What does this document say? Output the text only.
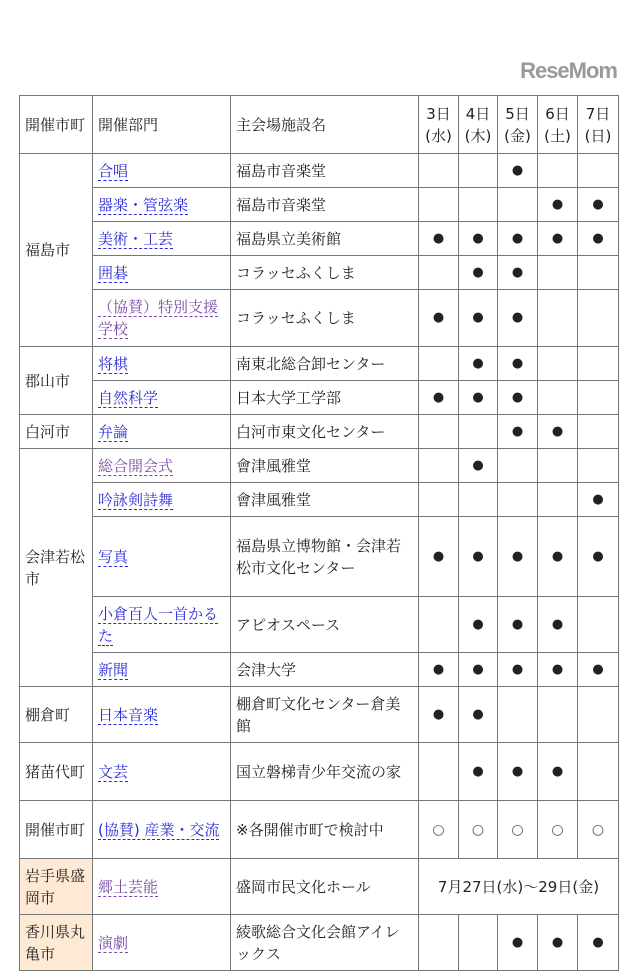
開催市町	開催部門	主会場施設名	3日(水)	4日(木)	5日(金)	6日(土)	7日(日)
福島市	合唱	福島市音楽堂			●		
	器楽・管弦楽	福島市音楽堂				●	●
	美術・工芸	福島県立美術館	●	●	●	●	●
	囲碁	コラッセふくしま		●	●		
	（協賛）特別支援学校	コラッセふくしま	●	●	●		
郡山市	将棋	南東北総合卸センター		●	●		
	自然科学	日本大学工学部	●	●	●		
白河市	弁論	白河市東文化センター			●	●	
会津若松市	総合開会式	會津風雅堂		●			
	吟詠剣詩舞	會津風雅堂					●
	写真	福島県立博物館・会津若松市文化センター	●	●	●	●	●
	小倉百人一首かるた	アピオスペース		●	●	●	
	新聞	会津大学	●	●	●	●	●
棚倉町	日本音楽	棚倉町文化センター倉美館	●	●			
猪苗代町	文芸	国立磐梯青少年交流の家		●	●	●	
開催市町	(協賛) 産業・交流	※各開催市町で検討中	○	○	○	○	○
岩手県盛岡市	郷土芸能	盛岡市民文化ホール	7月27日(水)～29日(金)				
香川県丸亀市	演劇	綾歌総合文化会館アイレックス			●	●	●
ReseMom
